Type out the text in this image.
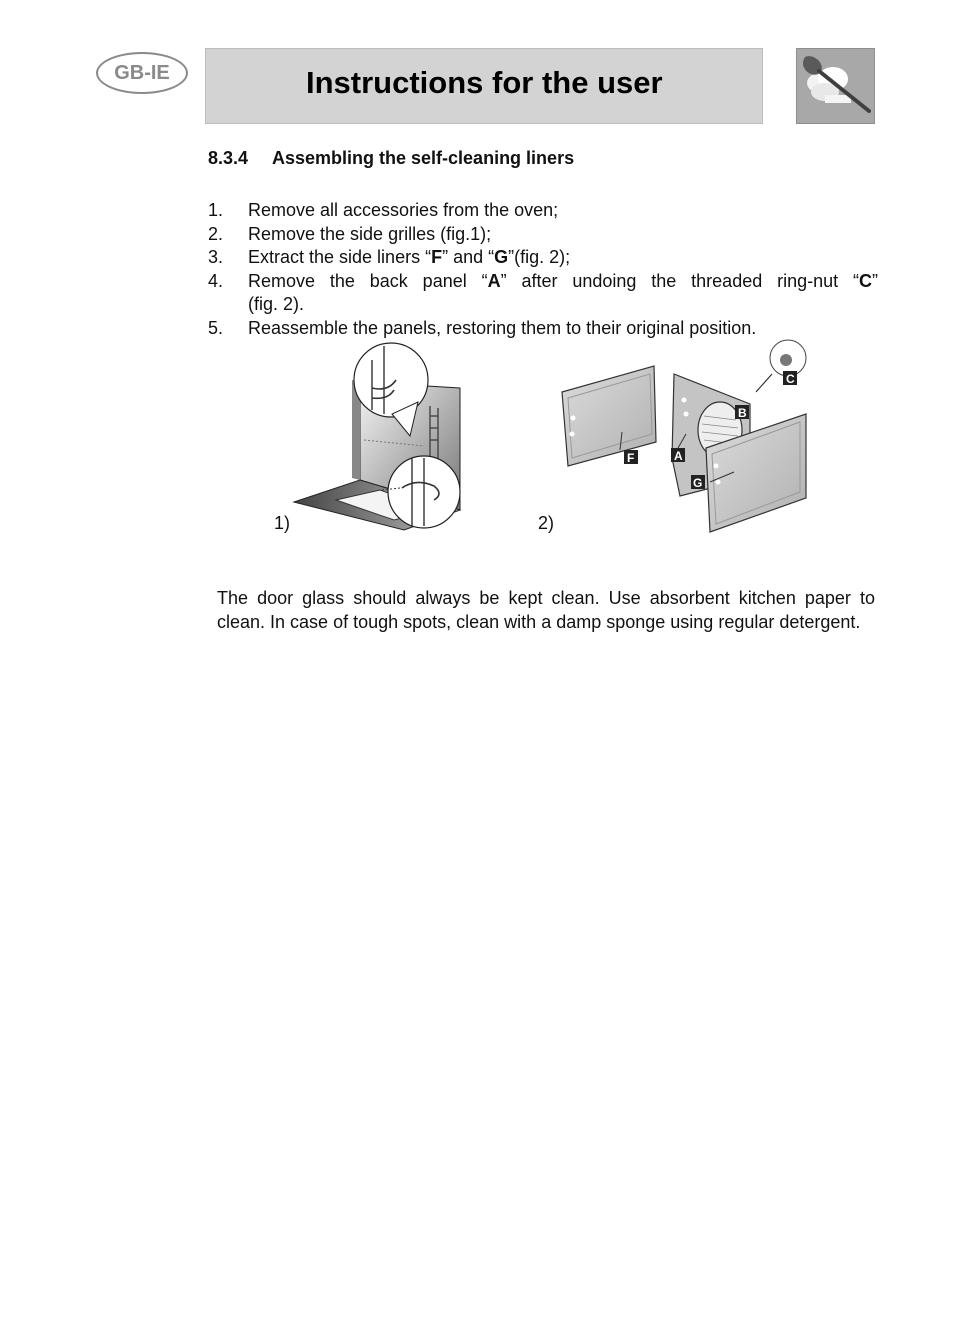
GB-IE	Instructions for the user
8.3.4 Assembling the self-cleaning liners
1.	Remove all accessories from the oven;
2.	Remove the side grilles (fig.1);
3.	Extract the side liners “F” and “G”(fig. 2);
4.	Remove the back panel “A” after undoing the threaded ring-nut “C”
(fig. 2).
5.	Reassemble the panels, restoring them to their original position.
1)
C
B
F	A
G
2)
The door glass should always be kept clean. Use absorbent kitchen paper to clean. In case of tough spots, clean with a damp sponge using regular detergent.
